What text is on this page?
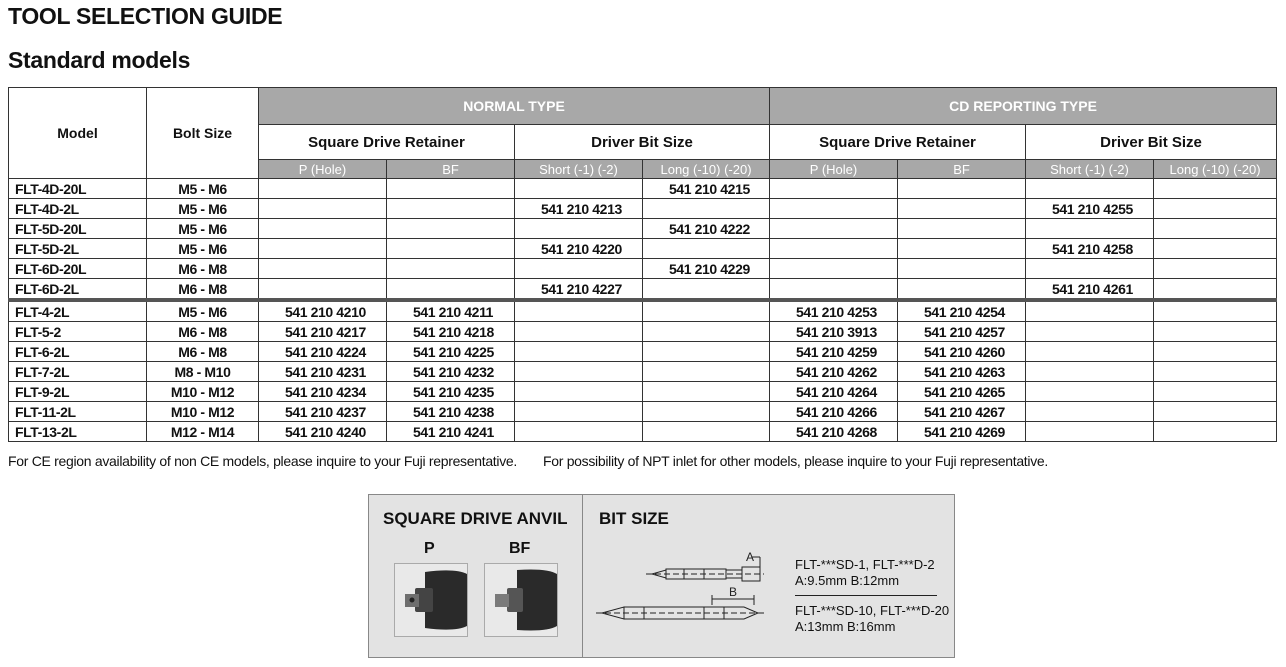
TOOL SELECTION GUIDE
Standard models
Model	Bolt Size	NORMAL TYPE				CD REPORTING TYPE			
		Square Drive Retainer		Driver Bit Size		Square Drive Retainer		Driver Bit Size	
		P (Hole)	BF	Short (-1) (-2)	Long (-10) (-20)	P (Hole)	BF	Short (-1) (-2)	Long (-10) (-20)
FLT-4D-20L	M5 - M6				541 210 4215				
FLT-4D-2L	M5 - M6			541 210 4213				541 210 4255	
FLT-5D-20L	M5 - M6				541 210 4222				
FLT-5D-2L	M5 - M6			541 210 4220				541 210 4258	
FLT-6D-20L	M6 - M8				541 210 4229				
FLT-6D-2L	M6 - M8			541 210 4227				541 210 4261	
FLT-4-2L	M5 - M6	541 210 4210	541 210 4211			541 210 4253	541 210 4254		
FLT-5-2	M6 - M8	541 210 4217	541 210 4218			541 210 3913	541 210 4257		
FLT-6-2L	M6 - M8	541 210 4224	541 210 4225			541 210 4259	541 210 4260		
FLT-7-2L	M8 - M10	541 210 4231	541 210 4232			541 210 4262	541 210 4263		
FLT-9-2L	M10 - M12	541 210 4234	541 210 4235			541 210 4264	541 210 4265		
FLT-11-2L	M10 - M12	541 210 4237	541 210 4238			541 210 4266	541 210 4267		
FLT-13-2L	M12 - M14	541 210 4240	541 210 4241			541 210 4268	541 210 4269		
For CE region availability of non CE models, please inquire to your Fuji representative. For possibility of NPT inlet for other models, please inquire to your Fuji representative.
SQUARE DRIVE ANVIL
P	BF
BIT SIZE
A
B
FLT-***SD-1, FLT-***D-2
A:9.5mm B:12mm
FLT-***SD-10, FLT-***D-20
A:13mm B:16mm
